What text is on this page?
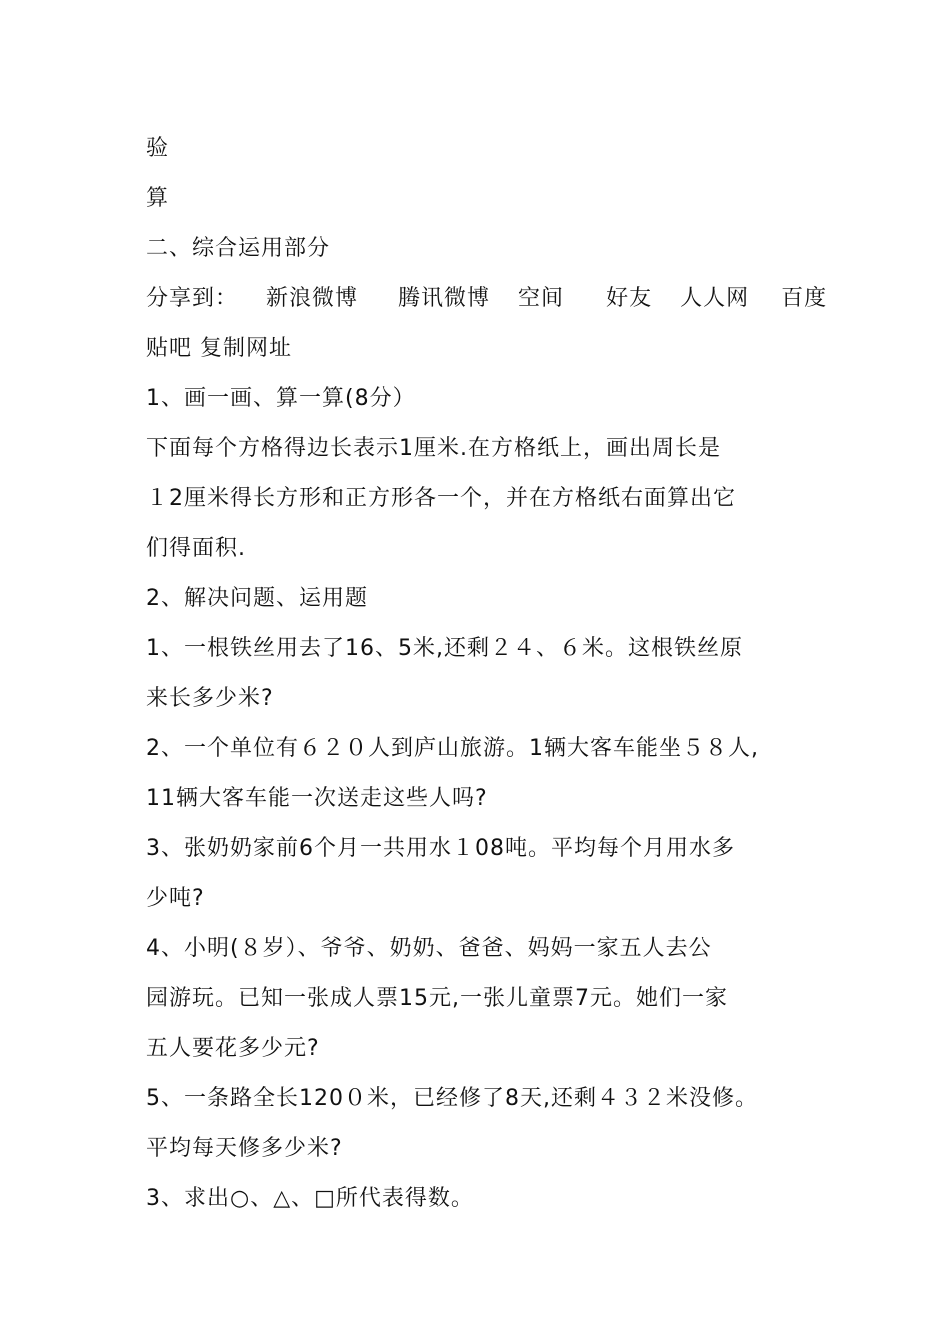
验
算
二、综合运用部分
分享到： 新浪微博 腾讯微博 空间 好友 人人网 百度
贴吧 复制网址
1、画一画、算一算(8分）
下面每个方格得边长表示1厘米.在方格纸上，画出周长是
１2厘米得长方形和正方形各一个，并在方格纸右面算出它
们得面积.
2、解决问题、运用题
1、一根铁丝用去了16、5米,还剩２４、６米。这根铁丝原
来长多少米?
2、一个单位有６２０人到庐山旅游。1辆大客车能坐５８人,
11辆大客车能一次送走这些人吗?
3、张奶奶家前6个月一共用水１08吨。平均每个月用水多
少吨?
4、小明(８岁）、爷爷、奶奶、爸爸、妈妈一家五人去公
园游玩。已知一张成人票15元,一张儿童票7元。她们一家
五人要花多少元?
5、一条路全长120０米，已经修了8天,还剩４３２米没修。
平均每天修多少米?
3、求出○、△、□所代表得数。
